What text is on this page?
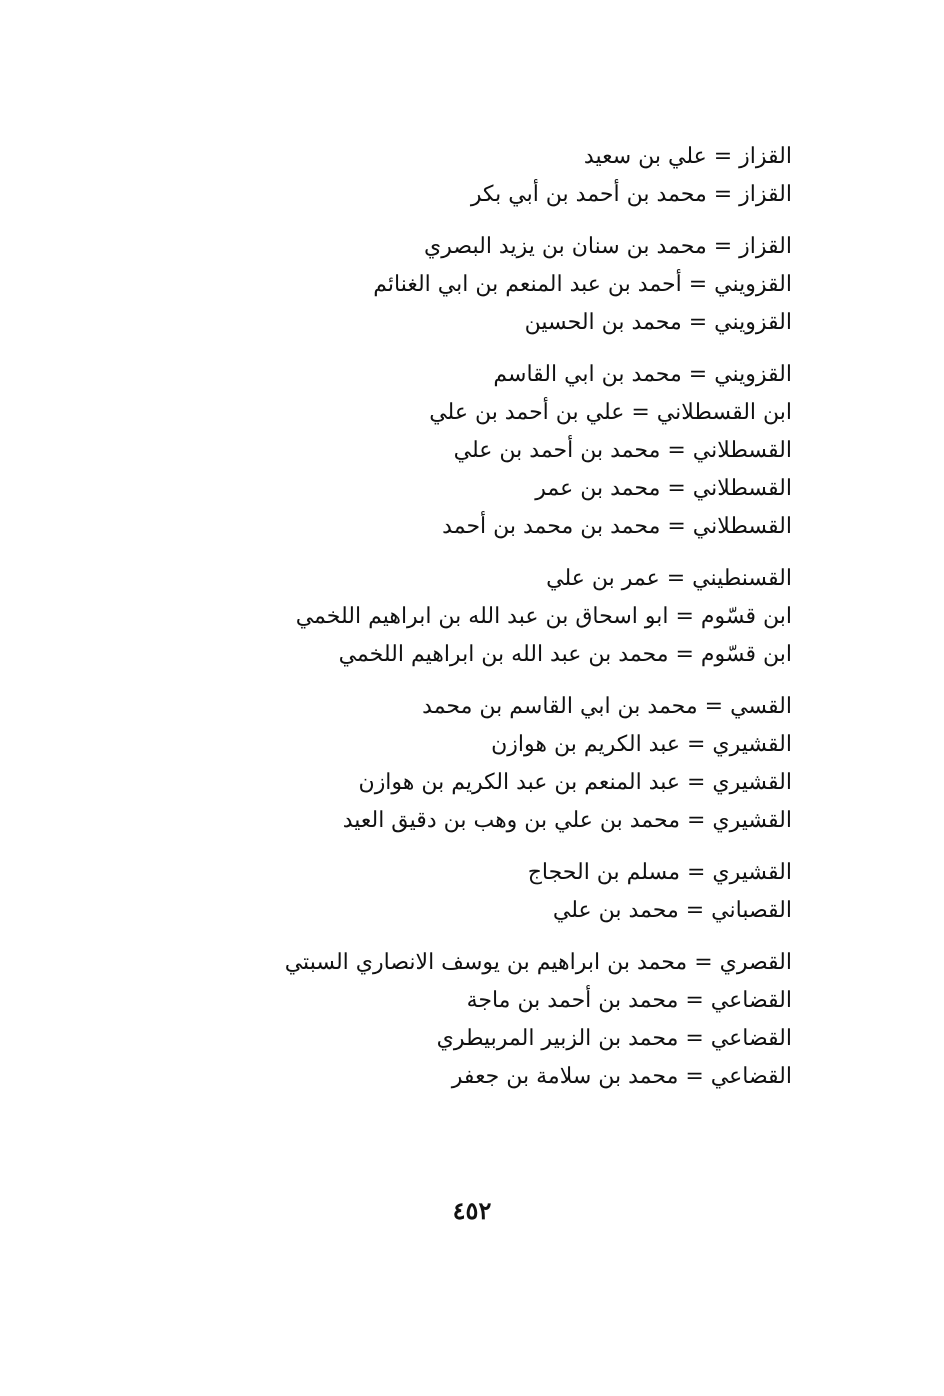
القزاز = علي بن سعيد
القزاز = محمد بن أحمد بن أبي بكر
القزاز = محمد بن سنان بن يزيد البصري
القزويني = أحمد بن عبد المنعم بن ابي الغنائم
القزويني = محمد بن الحسين
القزويني = محمد بن ابي القاسم
ابن القسطلاني = علي بن أحمد بن علي
القسطلاني = محمد بن أحمد بن علي
القسطلاني = محمد بن عمر
القسطلاني = محمد بن محمد بن أحمد
القسنطيني = عمر بن علي
ابن قسّوم = ابو اسحاق بن عبد الله بن ابراهيم اللخمي
ابن قسّوم = محمد بن عبد الله بن ابراهيم اللخمي
القسي = محمد بن ابي القاسم بن محمد
القشيري = عبد الكريم بن هوازن
القشيري = عبد المنعم بن عبد الكريم بن هوازن
القشيري = محمد بن علي بن وهب بن دقيق العيد
القشيري = مسلم بن الحجاج
القصباني = محمد بن علي
القصري = محمد بن ابراهيم بن يوسف الانصاري السبتي
القضاعي = محمد بن أحمد بن ماجة
القضاعي = محمد بن الزبير المربيطري
القضاعي = محمد بن سلامة بن جعفر
٤٥٢
